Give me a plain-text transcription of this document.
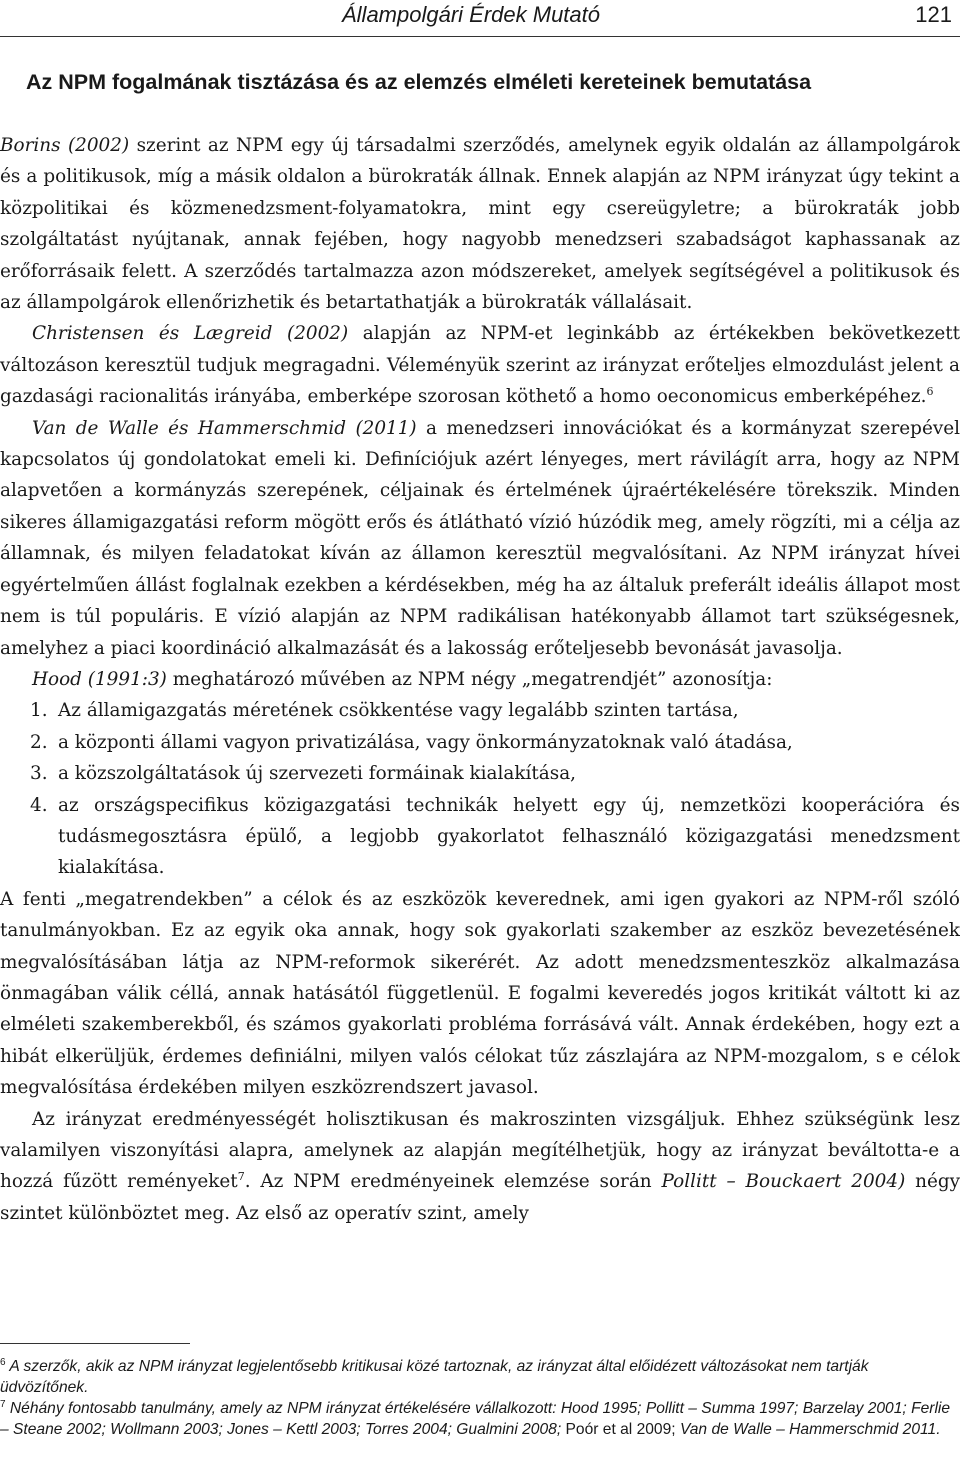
Állampolgári Érdek Mutató	121
Az NPM fogalmának tisztázása és az elemzés elméleti kereteinek bemutatása

Borins (2002) szerint az NPM egy új társadalmi szerződés, amelynek egyik oldalán az állampolgárok és a politikusok, míg a másik oldalon a bürokraták állnak. Ennek alapján az NPM irányzat úgy tekint a közpolitikai és közmenedzsment-folyamatokra, mint egy csereügyletre; a bürokraták jobb szolgáltatást nyújtanak, annak fejében, hogy nagyobb menedzseri szabadságot kaphassanak az erőforrásaik felett. A szerződés tartalmazza azon módszereket, amelyek segítségével a politikusok és az állampolgárok ellenőrizhetik és betartathatják a bürokraták vállalásait.

Christensen és Lægreid (2002) alapján az NPM-et leginkább az értékekben bekövetkezett változáson keresztül tudjuk megragadni. Véleményük szerint az irányzat erőteljes elmozdulást jelent a gazdasági racionalitás irányába, emberképe szorosan köthető a homo oeconomicus emberképéhez.$^6$

Van de Walle és Hammerschmid (2011) a menedzseri innovációkat és a kormányzat szerepével kapcsolatos új gondolatokat emeli ki. Definíciójuk azért lényeges, mert rávilágít arra, hogy az NPM alapvetően a kormányzás szerepének, céljainak és értelmének újraértékelésére törekszik. Minden sikeres államigazgatási reform mögött erős és átlátható vízió húzódik meg, amely rögzíti, mi a célja az államnak, és milyen feladatokat kíván az államon keresztül megvalósítani. Az NPM irányzat hívei egyértelműen állást foglalnak ezekben a kérdésekben, még ha az általuk preferált ideális állapot most nem is túl populáris. E vízió alapján az NPM radikálisan hatékonyabb államot tart szükségesnek, amelyhez a piaci koordináció alkalmazását és a lakosság erőteljesebb bevonását javasolja.

Hood (1991:3) meghatározó művében az NPM négy „megatrendjét” azonosítja:

1. Az államigazgatás méretének csökkentése vagy legalább szinten tartása,
2. a központi állami vagyon privatizálása, vagy önkormányzatoknak való átadása,
3. a közszolgáltatások új szervezeti formáinak kialakítása,
4. az országspecifikus közigazgatási technikák helyett egy új, nemzetközi kooperációra és tudásmegosztásra épülő, a legjobb gyakorlatot felhasználó közigazgatási menedzsment kialakítása.

A fenti „megatrendekben” a célok és az eszközök keverednek, ami igen gyakori az NPM-ről szóló tanulmányokban. Ez az egyik oka annak, hogy sok gyakorlati szakember az eszköz bevezetésének megvalósításában látja az NPM-reformok sikerérét. Az adott menedzsmenteszköz alkalmazása önmagában válik céllá, annak hatásától függetlenül. E fogalmi keveredés jogos kritikát váltott ki az elméleti szakemberekből, és számos gyakorlati probléma forrásává vált. Annak érdekében, hogy ezt a hibát elkerüljük, érdemes definiálni, milyen valós célokat tűz zászlajára az NPM-mozgalom, s e célok megvalósítása érdekében milyen eszközrendszert javasol.

Az irányzat eredményességét holisztikusan és makroszinten vizsgáljuk. Ehhez szükségünk lesz valamilyen viszonyítási alapra, amelynek az alapján megítélhetjük, hogy az irányzat beváltotta-e a hozzá fűzött reményeket$^7$. Az NPM eredményeinek elemzése során Pollitt – Bouckaert 2004) négy szintet különböztet meg. Az első az operatív szint, amely

$^6$ A szerzők, akik az NPM irányzat legjelentősebb kritikusai közé tartoznak, az irányzat által előidézett változásokat nem tartják üdvözítőnek.

$^7$ Néhány fontosabb tanulmány, amely az NPM irányzat értékelésére vállalkozott: Hood 1995; Pollitt – Summa 1997; Barzelay 2001; Ferlie – Steane 2002; Wollmann 2003; Jones – Kettl 2003; Torres 2004; Gualmini 2008; Poór et al 2009; Van de Walle – Hammerschmid 2011.
